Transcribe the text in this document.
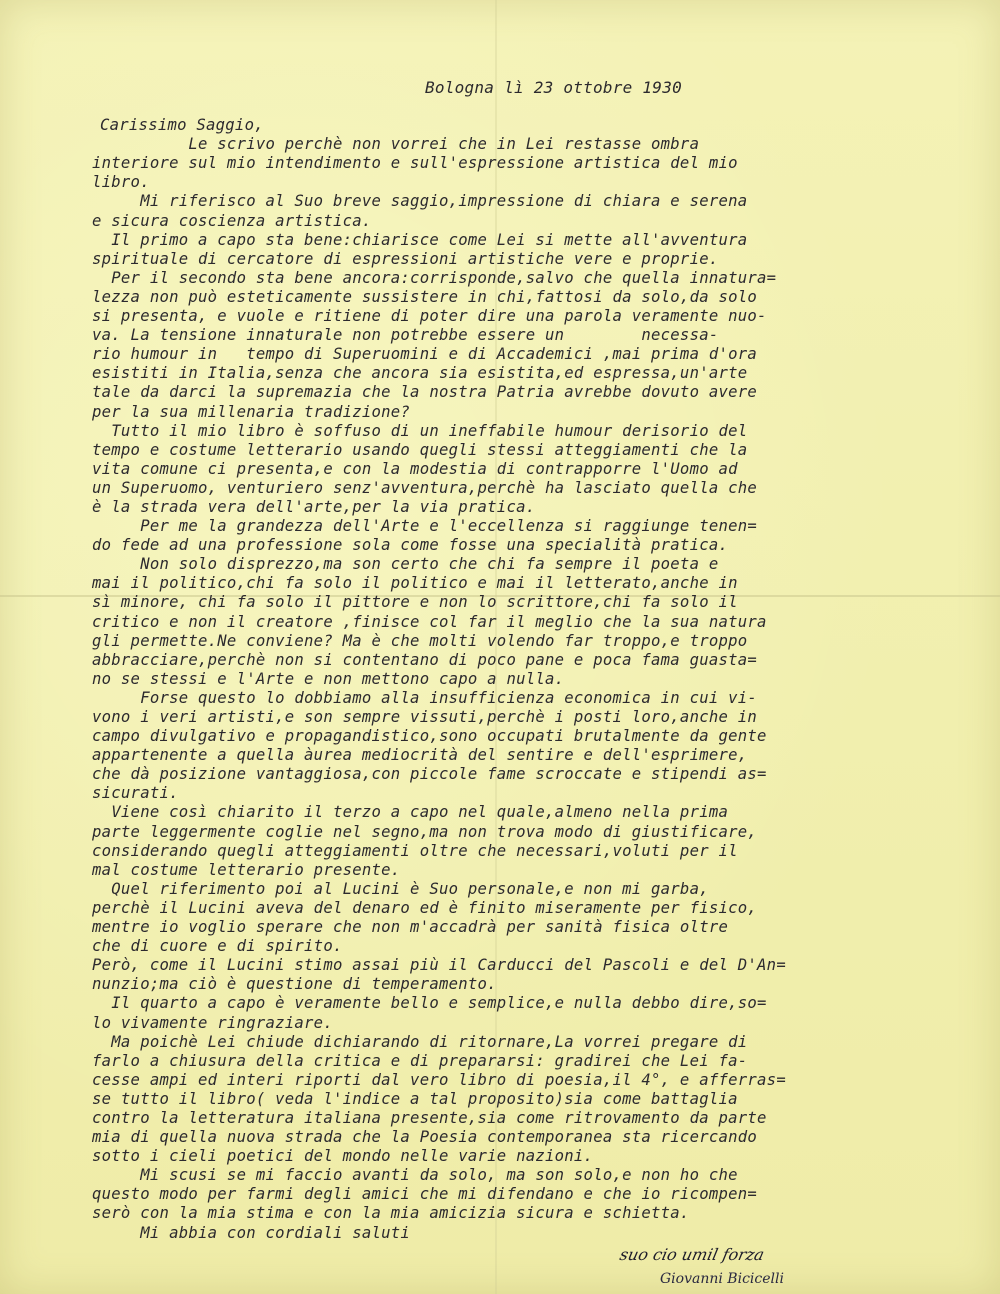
Bologna lì 23 ottobre 1930
Carissimo Saggio,
Le scrivo perchè non vorrei che in Lei restasse ombra
interiore sul mio intendimento e sull'espressione artistica del mio
libro.
Mi riferisco al Suo breve saggio,impressione di chiara e serena
e sicura coscienza artistica.
Il primo a capo sta bene:chiarisce come Lei si mette all'avventura
spirituale di cercatore di espressioni artistiche vere e proprie.
Per il secondo sta bene ancora:corrisponde,salvo che quella innatura=
lezza non può esteticamente sussistere in chi,fattosi da solo,da solo
si presenta, e vuole e ritiene di poter dire una parola veramente nuo-
va. La tensione innaturale non potrebbe essere un        necessa-
rio humour in   tempo di Superuomini e di Accademici ,mai prima d'ora
esistiti in Italia,senza che ancora sia esistita,ed espressa,un'arte
tale da darci la supremazia che la nostra Patria avrebbe dovuto avere
per la sua millenaria tradizione?
Tutto il mio libro è soffuso di un ineffabile humour derisorio del
tempo e costume letterario usando quegli stessi atteggiamenti che la
vita comune ci presenta,e con la modestia di contrapporre l'Uomo ad
un Superuomo, venturiero senz'avventura,perchè ha lasciato quella che
è la strada vera dell'arte,per la via pratica.
Per me la grandezza dell'Arte e l'eccellenza si raggiunge tenen=
do fede ad una professione sola come fosse una specialità pratica.
Non solo disprezzo,ma son certo che chi fa sempre il poeta e
mai il politico,chi fa solo il politico e mai il letterato,anche in
sì minore, chi fa solo il pittore e non lo scrittore,chi fa solo il
critico e non il creatore ,finisce col far il meglio che la sua natura
gli permette.Ne conviene? Ma è che molti volendo far troppo,e troppo
abbracciare,perchè non si contentano di poco pane e poca fama guasta=
no se stessi e l'Arte e non mettono capo a nulla.
Forse questo lo dobbiamo alla insufficienza economica in cui vi-
vono i veri artisti,e son sempre vissuti,perchè i posti loro,anche in
campo divulgativo e propagandistico,sono occupati brutalmente da gente
appartenente a quella àurea mediocrità del sentire e dell'esprimere,
che dà posizione vantaggiosa,con piccole fame scroccate e stipendi as=
sicurati.
Viene così chiarito il terzo a capo nel quale,almeno nella prima
parte leggermente coglie nel segno,ma non trova modo di giustificare,
considerando quegli atteggiamenti oltre che necessari,voluti per il
mal costume letterario presente.
Quel riferimento poi al Lucini è Suo personale,e non mi garba,
perchè il Lucini aveva del denaro ed è finito miseramente per fisico,
mentre io voglio sperare che non m'accadrà per sanità fisica oltre
che di cuore e di spirito.
Però, come il Lucini stimo assai più il Carducci del Pascoli e del D'An=
nunzio;ma ciò è questione di temperamento.
Il quarto a capo è veramente bello e semplice,e nulla debbo dire,so=
lo vivamente ringraziare.
Ma poichè Lei chiude dichiarando di ritornare,La vorrei pregare di
farlo a chiusura della critica e di prepararsi: gradirei che Lei fa-
cesse ampi ed interi riporti dal vero libro di poesia,il 4°, e afferras=
se tutto il libro( veda l'indice a tal proposito)sia come battaglia
contro la letteratura italiana presente,sia come ritrovamento da parte
mia di quella nuova strada che la Poesia contemporanea sta ricercando
sotto i cieli poetici del mondo nelle varie nazioni.
Mi scusi se mi faccio avanti da solo, ma son solo,e non ho che
questo modo per farmi degli amici che mi difendano e che io ricompen=
serò con la mia stima e con la mia amicizia sicura e schietta.
Mi abbia con cordiali saluti
suo cio umil forza
Giovanni Bicicelli
